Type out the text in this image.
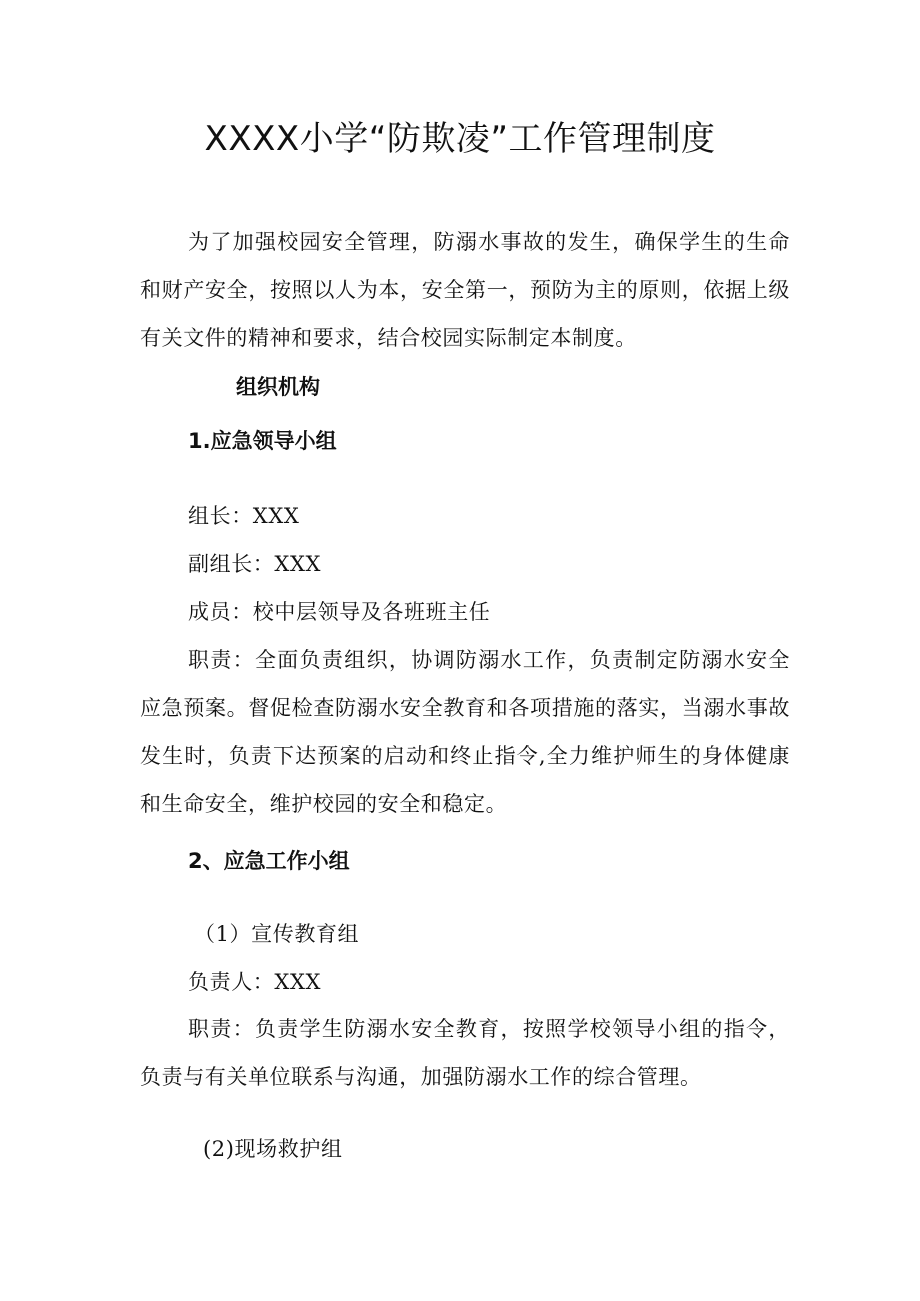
XXXX小学“防欺凌”工作管理制度

为了加强校园安全管理，防溺水事故的发生，确保学生的生命和财产安全，按照以人为本，安全第一，预防为主的原则，依据上级有关文件的精神和要求，结合校园实际制定本制度。

组织机构
1.应急领导小组
组长：XXX
副组长：XXX
成员：校中层领导及各班班主任

职责：全面负责组织，协调防溺水工作，负责制定防溺水安全应急预案。督促检查防溺水安全教育和各项措施的落实，当溺水事故发生时，负责下达预案的启动和终止指令,全力维护师生的身体健康和生命安全，维护校园的安全和稳定。

2、应急工作小组
（1）宣传教育组
负责人：XXX

职责：负责学生防溺水安全教育，按照学校领导小组的指令，负责与有关单位联系与沟通，加强防溺水工作的综合管理。

(2)现场救护组
